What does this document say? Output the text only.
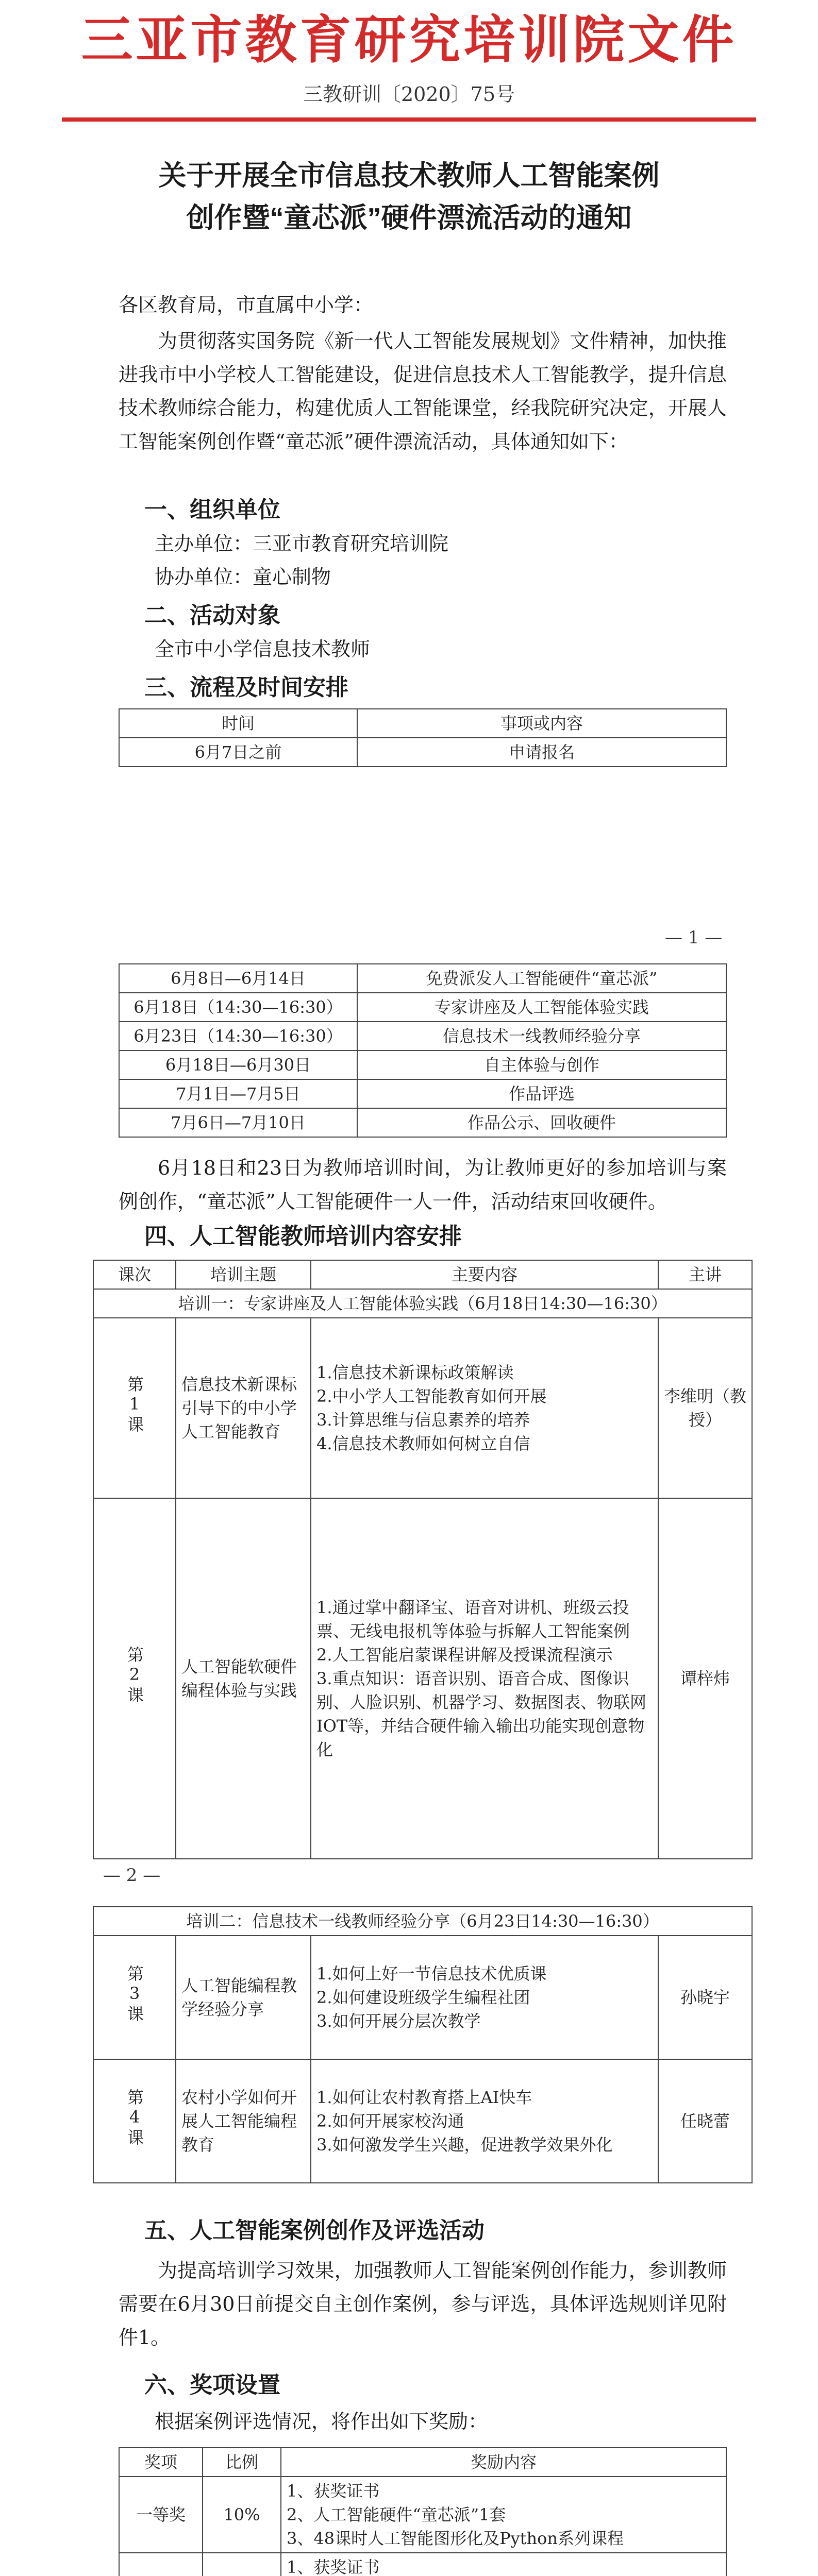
三亚市教育研究培训院文件
三教研训〔2020〕75号
关于开展全市信息技术教师人工智能案例
创作暨“童芯派”硬件漂流活动的通知
各区教育局，市直属中小学：
为贯彻落实国务院《新一代人工智能发展规划》文件精神，加快推进我市中小学校人工智能建设，促进信息技术人工智能教学，提升信息技术教师综合能力，构建优质人工智能课堂，经我院研究决定，开展人工智能案例创作暨“童芯派”硬件漂流活动，具体通知如下：
一、组织单位
主办单位：三亚市教育研究培训院
协办单位：童心制物
二、活动对象
全市中小学信息技术教师
三、流程及时间安排
时间	事项或内容
6月7日之前	申请报名
— 1 —
6月8日—6月14日	免费派发人工智能硬件“童芯派”
6月18日（14:30—16:30）	专家讲座及人工智能体验实践
6月23日（14:30—16:30）	信息技术一线教师经验分享
6月18日—6月30日	自主体验与创作
7月1日—7月5日	作品评选
7月6日—7月10日	作品公示、回收硬件
6月18日和23日为教师培训时间，为让教师更好的参加培训与案例创作，“童芯派”人工智能硬件一人一件，活动结束回收硬件。
四、人工智能教师培训内容安排
课次	培训主题	主要内容	主讲
培训一：专家讲座及人工智能体验实践（6月18日14:30—16:30）			
第1课	信息技术新课标引导下的中小学人工智能教育	1.信息技术新课标政策解读
2.中小学人工智能教育如何开展
3.计算思维与信息素养的培养
4.信息技术教师如何树立自信	李维明（教授）
第2课	人工智能软硬件编程体验与实践	1.通过掌中翻译宝、语音对讲机、班级云投票、无线电报机等体验与拆解人工智能案例
2.人工智能启蒙课程讲解及授课流程演示
3.重点知识：语音识别、语音合成、图像识别、人脸识别、机器学习、数据图表、物联网IOT等，并结合硬件输入输出功能实现创意物化	谭梓炜
— 2 —
培训二：信息技术一线教师经验分享（6月23日14:30—16:30）			
第3课	人工智能编程教学经验分享	1.如何上好一节信息技术优质课
2.如何建设班级学生编程社团
3.如何开展分层次教学	孙晓宇
第4课	农村小学如何开展人工智能编程教育	1.如何让农村教育搭上AI快车
2.如何开展家校沟通
3.如何激发学生兴趣，促进教学效果外化	任晓蕾
五、人工智能案例创作及评选活动
为提高培训学习效果，加强教师人工智能案例创作能力，参训教师需要在6月30日前提交自主创作案例，参与评选，具体评选规则详见附件1。
六、奖项设置
根据案例评选情况，将作出如下奖励：
奖项	比例	奖励内容
一等奖	10%	1、获奖证书
2、人工智能硬件“童芯派”1套
3、48课时人工智能图形化及Python系列课程

1、获奖证书
